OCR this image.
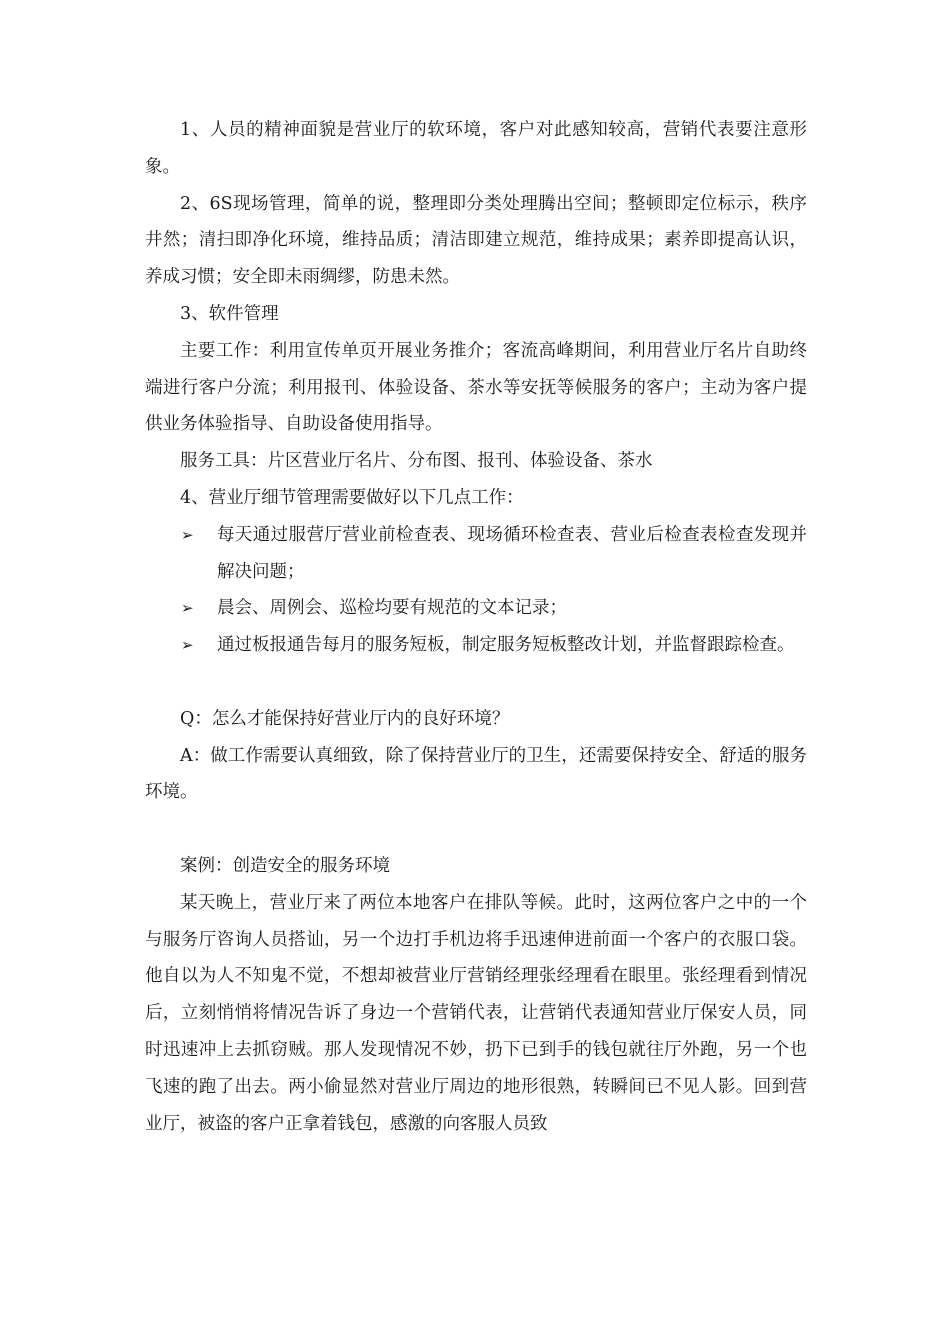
1、人员的精神面貌是营业厅的软环境，客户对此感知较高，营销代表要注意形象。

2、6S现场管理，简单的说，整理即分类处理腾出空间；整顿即定位标示，秩序井然；清扫即净化环境，维持品质；清洁即建立规范，维持成果；素养即提高认识，养成习惯；安全即未雨绸缪，防患未然。

3、软件管理

主要工作：利用宣传单页开展业务推介；客流高峰期间，利用营业厅名片自助终端进行客户分流；利用报刊、体验设备、茶水等安抚等候服务的客户；主动为客户提供业务体验指导、自助设备使用指导。

服务工具：片区营业厅名片、分布图、报刊、体验设备、茶水

4、营业厅细节管理需要做好以下几点工作：

➢ 每天通过服营厅营业前检查表、现场循环检查表、营业后检查表检查发现并解决问题；
➢ 晨会、周例会、巡检均要有规范的文本记录；
➢ 通过板报通告每月的服务短板，制定服务短板整改计划，并监督跟踪检查。

Q：怎么才能保持好营业厅内的良好环境？

A：做工作需要认真细致，除了保持营业厅的卫生，还需要保持安全、舒适的服务环境。

案例：创造安全的服务环境

某天晚上，营业厅来了两位本地客户在排队等候。此时，这两位客户之中的一个与服务厅咨询人员搭讪，另一个边打手机边将手迅速伸进前面一个客户的衣服口袋。他自以为人不知鬼不觉，不想却被营业厅营销经理张经理看在眼里。张经理看到情况后，立刻悄悄将情况告诉了身边一个营销代表，让营销代表通知营业厅保安人员，同时迅速冲上去抓窃贼。那人发现情况不妙，扔下已到手的钱包就往厅外跑，另一个也飞速的跑了出去。两小偷显然对营业厅周边的地形很熟，转瞬间已不见人影。回到营业厅，被盗的客户正拿着钱包，感激的向客服人员致
